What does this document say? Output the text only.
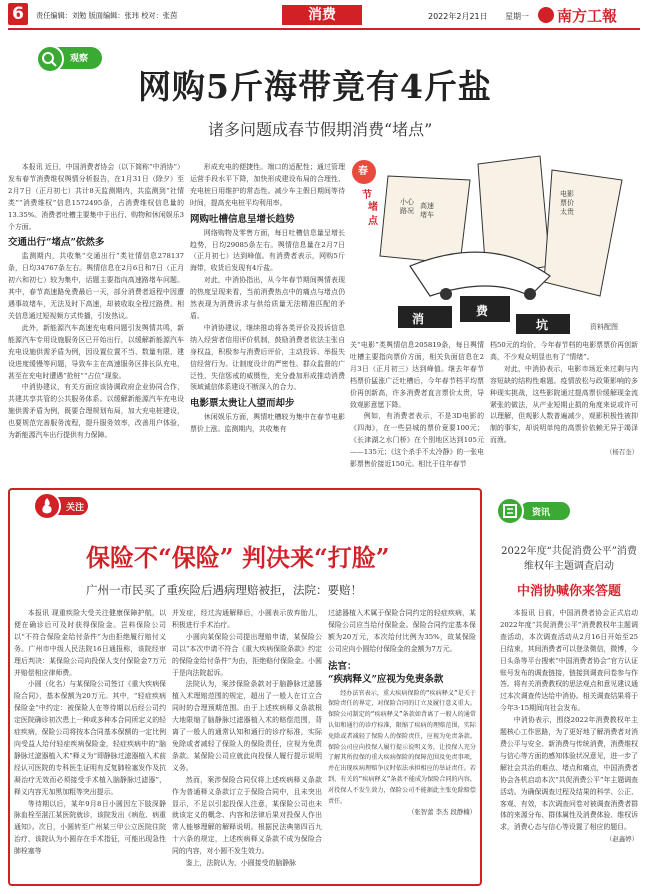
6	责任编辑：刘勉 版面编辑：张玮 校对：张茵	消费	2022年2月21日 星期一 南方工報
观察
网购5斤海带竟有4斤盐
诸多问题成春节假期消费“堵点”
本报讯 近日，中国消费者协会（以下简称“中消协”）发布春节消费维权舆情分析报告，在1月31日（除夕）至2月7日（正月初七）共计8天监测期内，共监测到“社情类”“消费维权”信息1572495条，占消费维权信息量的13.35%。消费者吐槽主要集中于出行、购物和休闲娱乐3个方面。
交通出行“堵点”依然多
监测期内，共收集“交通出行”类社情信息278137条，日均34767条左右。舆情信息在2月6日和7日（正月初六和初七）较为集中，话题主要指向高速路堵车问题。其中，春节高速路免费最后一天，部分消费者返程中因遭遇事故堵车，无法及时下高速，却被收取全程过路费。相关信息通过短视频方式传播，引发热议。
此外，新能源汽车高速充电难问题引发舆情共鸣，新能源汽车专用设施服务区已开始出行，以缓解新能源汽车充电设施供需矛盾为例，因设置位置不当、数量有限、建设进度缓慢等问题，导致车主在高速服务区排长队充电，甚至在充电时遭遇“抢桩”“占位”现象。
中消协建议，有关方面应该协调政府企业协同合作，共建共享共管的公共服务体系。以缓解新能源汽车充电设施供需矛盾为例，既要合理规划布局，加大充电桩建设，也要规范完善服务流程，提升服务效率，改善用户体验，为新能源汽车出行提供有力保障。
形成充电的便捷性。端口的适配性；通过管理运营手段水平下降，加快形成建设布局的合理性、充电桩日用维护的常态性。减少车主假日期间等待时间，提高充电桩平均利用率。
网购吐槽信息呈增长趋势
网络购物及零售方面，每日吐槽信息量呈增长趋势，日均29085条左右。舆情信息量在2月7日（正月初七）达到峰值。有消费者表示，网购5斤海带，收货后发现有4斤盐。
对此，中消协指出，从今年春节期间舆情表现的热度呈现来看，当前消费热点中的痛点与堵点仍然表现为消费诉求与供给质量无法精准匹配的矛盾。
中消协建议，继续推动将各类评价及投诉信息纳入经营者信用评价机制，鼓励消费者依法主张自身权益，积极参与消费后评价，主动投诉、举报失信经营行为。让制度设计的严密性、群众监督的广泛性、失信惩戒的威慑性，充分叠加形成推动消费领域诚信体系建设不断深入的合力。
电影票太贵让人望而却步
休闲娱乐方面，舆情吐槽较为集中在春节电影票价上涨。监测期内，共收集有
春
节
堵
点
小心路况
高速堵车
电影票价太贵
消
费
坑	资料配图
关“电影”类舆情信息205819条，每日舆情吐槽主要指向票价方面，相关负面信息在2月3日（正月初三）达到峰值。继去年春节档票价猛涨广泛吐槽后，今年春节档平均票价再创新高，许多消费者直言票价太贵，导致观影意愿下降。
例如，有消费者表示，不是3D电影的《四海》，在一些县城的票价竟要100元；《长津湖之水门桥》在个别地区达到105元——135元；《这个杀手不太冷静》的一张电影票售价接近150元。相比于往年春节
档50元的均价，今年春节档的电影票票价再创新高，不少观众明显也有了“情绪”。
对此，中消协表示，电影市场近来过剩与内容短缺的结构性难题。疫情放松与政策影响的多种现实挑战，这些影院通过提高票价缓解现金流紧张的做法，从产业短期止损的角度来说或许可以理解，但观影人数普遍减少，观影积极性被抑制的事实，却说明单纯的高票价依赖无异于竭泽而渔。
（杨召奎）
关注
保险不“保险” 判决来“打脸”
广州一市民买了重疾险后遇病理赔被拒，法院：要赔！
本报讯 现重疾险大受关注健康保障护航，以便在确诊后可及时获得保险金。岂料保险公司以“不符合保险金给付条件”为由拒绝履行赔付义务。广州市中级人民法院16日通报称，该院经审理后判决：某保险公司向投保人支付保险金7万元并赔偿相应律师费。
小圆（化名）与某保险公司签订《重大疾病保险合同》，基本保额为20万元。其中，“轻症疾病保险金”中约定：被保险人在等待期以后经公司约定医院确诊初次患上一种或多种本合同所定义的轻症疾病，保险公司将按本合同基本保额的一定比例向受益人给付轻症疾病保险金，轻症疾病中的“脑静脉过滤器植入术”释义为“即静脉过滤器植入术前经认可医院的专科医生证明有反复肺栓塞发作及抗凝治疗无效而必须接受手术植入脑静脉过滤器”，释义内容无加黑加粗等突出提示。
等待期以后，某年9月8日小圆因左下肢深静脉血栓至湛江某医院就诊，该院发出《病危、病重通知》。次日，小圆转至广州某三甲公立医院住院治疗，该院认为小圆存在手术指征，可能出现急性肺栓塞等
并发症，经过沟通解释后，小圆表示放弃胎儿，积极进行手术治疗。
小圆向某保险公司提出理赔申请，某保险公司以“本次申请不符合《重大疾病保险条款》约定的保险金给付条件”为由，拒绝赔付保险金。小圆于是向法院起诉。
法院认为，案涉保险条款对于脑静脉过滤器植入术理赔范围的规定，超出了一般人在订立合同时的合理预期范围。由于上述疾病释义条款根大地限缩了脑静脉过滤器植入术的赔偿范围，背离了一般人的通常认知和通行的诊疗标准，实际免除或者减轻了保险人的保险责任，应视为免责条款。某保险公司应就此向投保人履行提示说明义务。
然而，案涉保险合同仅将上述疾病释义条款作为普通释义条款订立于保险合同中，且未突出显示，不足以引起投保人注意，某保险公司也未就该定义的概念、内容和法律后果对投保人作出常人能够理解的解释说明。根据民法典第四百九十六条的规定，上述疾病释义条款不成为保险合同的内容，对小圆不发生效力。
鉴上，法院认为，小圆接受的脑静脉
过滤器植入术属于保险合同约定的轻症疾病，某保险公司应当给付保险金。保险合同约定基本保额为20万元，本次给付比例为35%，故某保险公司应向小圆给付保险金的金额为7万元。
法官：
“疾病释义”应视为免责条款
经办法官表示，重大疾病保险的“疾病释义”是关于保险责任的界定，对保险合同的订立及履行意义重大。保险公司制定的“疾病释义”条款如背离了一般人的通常认知和通行的诊疗标准，限缩了疾病的理赔范围，实际免除或者减轻了保险人的保险责任，应视为免责条款。保险公司应向投保人履行提示说明义务，让投保人充分了解其所投保的重大疾病保险的保障范围及免责事项，并在出现疾病理赔争议时依法承担相应的举证责任。若到，有关的“疾病释义”条款不能成为保险合同的内容，对投保人不发生效力，保险公司不能据此主张免除赔偿责任。
（张智蕾 李杰 段静楠）
资讯
2022年度“共促消费公平”消费维权年主题调查启动
中消协喊你来答题
本报讯 日前，中国消费者协会正式启动2022年度“共促消费公平”消费教权年主题调查活动，本次调查活动从2月16日开始至25日结束，其间消费者可以登录微信，微博，今日头条等平台搜索“中国消费者协会”官方认证账号发布的调查链接，链接到调查问卷参与作答。将有关消费教权的思法观点和意见建议通过本次调查传达给中消协。相关调查结果将于今年3·15期间向社会发布。
中消协表示，围绕2022年消费教权年主题核心工作思路，为了更好地了解消费者对消费公平与安全、新消费与传统消费，消费维权与信心等方面的感知体验状况意见，进一步了解社会共治的难点、堵点和痛点，中国消费者协会各机启动本次“共促消费公平”年主题调查活动。为确保调查过程及结果的科学、公正、客观、有效，本次调查问卷对被调查消费者群体的来源分布、群体属性及消费体验、维权诉求，消费心态与信心等设置了相应的题目。
（赵鑫婷）
